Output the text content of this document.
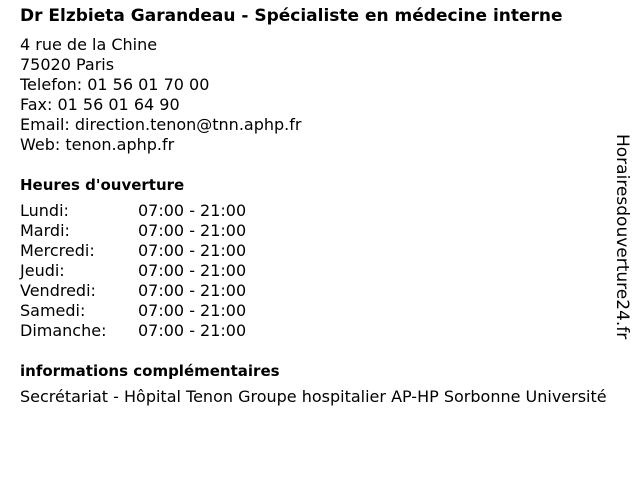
Dr Elzbieta Garandeau - Spécialiste en médecine interne
4 rue de la Chine
75020 Paris
Telefon: 01 56 01 70 00
Fax: 01 56 01 64 90
Email: direction.tenon@tnn.aphp.fr
Web: tenon.aphp.fr
Heures d'ouverture
Lundi:	07:00 - 21:00
Mardi:	07:00 - 21:00
Mercredi:	07:00 - 21:00
Jeudi:	07:00 - 21:00
Vendredi:	07:00 - 21:00
Samedi:	07:00 - 21:00
Dimanche:	07:00 - 21:00
informations complémentaires
Secrétariat - Hôpital Tenon Groupe hospitalier AP-HP Sorbonne Université
Horairesdouverture24.fr
